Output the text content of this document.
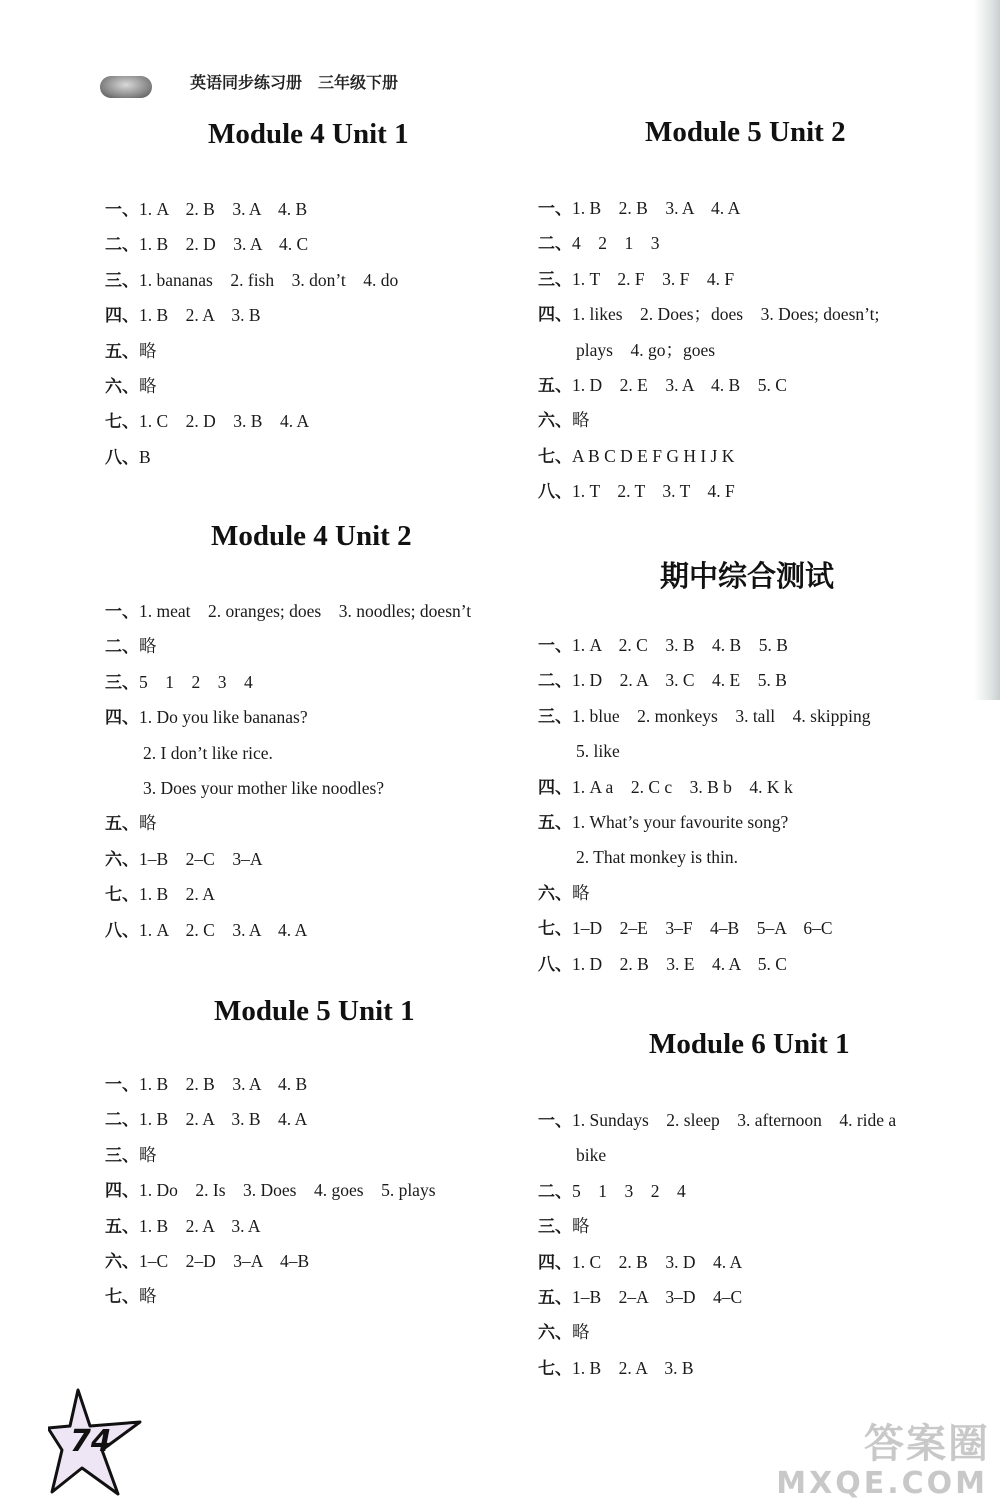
英语同步练习册　三年级下册
Module 4 Unit 1
一、1. A　2. B　3. A　4. B
二、1. B　2. D　3. A　4. C
三、1. bananas　2. fish　3. don’t　4. do
四、1. B　2. A　3. B
五、略
六、略
七、1. C　2. D　3. B　4. A
八、B
Module 4 Unit 2
一、1. meat　2. oranges; does　3. noodles; doesn’t
二、略
三、5　1　2　3　4
四、1. Do you like bananas?
2. I don’t like rice.
3. Does your mother like noodles?
五、略
六、1–B　2–C　3–A
七、1. B　2. A
八、1. A　2. C　3. A　4. A
Module 5 Unit 1
一、1. B　2. B　3. A　4. B
二、1. B　2. A　3. B　4. A
三、略
四、1. Do　2. Is　3. Does　4. goes　5. plays
五、1. B　2. A　3. A
六、1–C　2–D　3–A　4–B
七、略
Module 5 Unit 2
一、1. B　2. B　3. A　4. A
二、4　2　1　3
三、1. T　2. F　3. F　4. F
四、1. likes　2. Does；does　3. Does; doesn’t;
plays　4. go；goes
五、1. D　2. E　3. A　4. B　5. C
六、略
七、A B C D E F G H I J K
八、1. T　2. T　3. T　4. F
期中综合测试
一、1. A　2. C　3. B　4. B　5. B
二、1. D　2. A　3. C　4. E　5. B
三、1. blue　2. monkeys　3. tall　4. skipping
5. like
四、1. A a　2. C c　3. B b　4. K k
五、1. What’s your favourite song?
2. That monkey is thin.
六、略
七、1–D　2–E　3–F　4–B　5–A　6–C
八、1. D　2. B　3. E　4. A　5. C
Module 6 Unit 1
一、1. Sundays　2. sleep　3. afternoon　4. ride a
bike
二、5　1　3　2　4
三、略
四、1. C　2. B　3. D　4. A
五、1–B　2–A　3–D　4–C
六、略
七、1. B　2. A　3. B
74	答案圈
MXQE.COM
